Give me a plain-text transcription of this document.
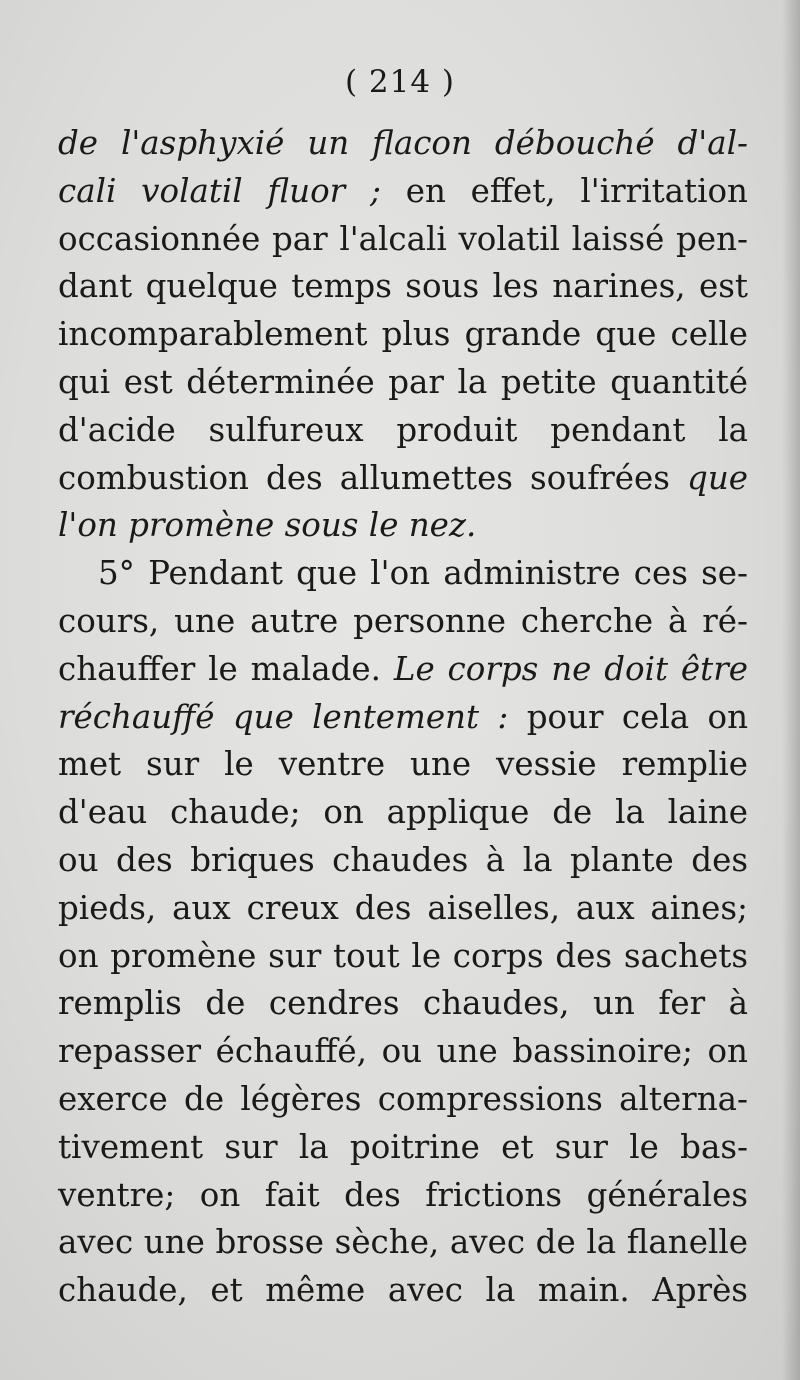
( 214 )
de l'asphyxié un flacon débouché d'al-
cali volatil fluor ; en effet, l'irritation
occasionnée par l'alcali volatil laissé pen-
dant quelque temps sous les narines, est
incomparablement plus grande que celle
qui est déterminée par la petite quantité
d'acide sulfureux produit pendant la
combustion des allumettes soufrées que
l'on promène sous le nez.
5° Pendant que l'on administre ces se-
cours, une autre personne cherche à ré-
chauffer le malade. Le corps ne doit être
réchauffé que lentement : pour cela on
met sur le ventre une vessie remplie
d'eau chaude; on applique de la laine
ou des briques chaudes à la plante des
pieds, aux creux des aiselles, aux aines;
on promène sur tout le corps des sachets
remplis de cendres chaudes, un fer à
repasser échauffé, ou une bassinoire; on
exerce de légères compressions alterna-
tivement sur la poitrine et sur le bas-
ventre; on fait des frictions générales
avec une brosse sèche, avec de la flanelle
chaude, et même avec la main. Après
